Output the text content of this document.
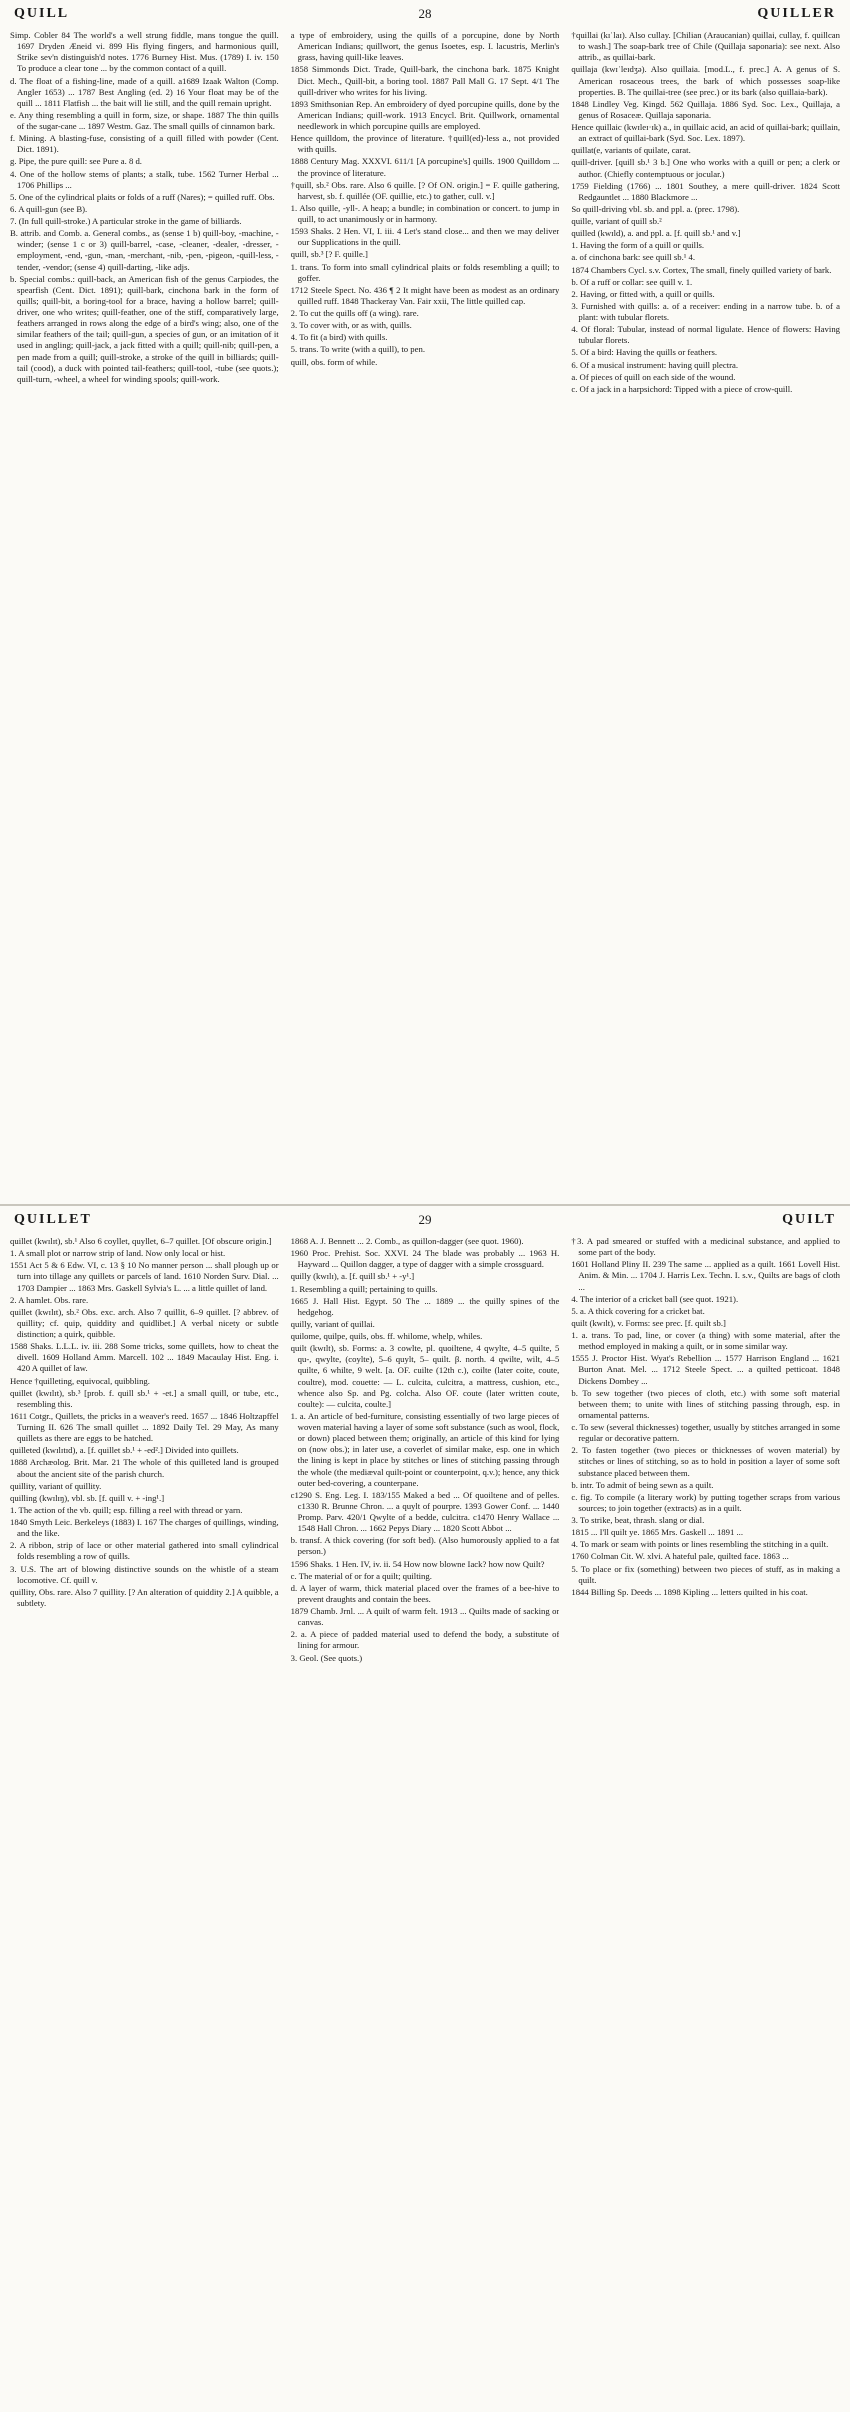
QUILL	28	QUILLER

Simp. Cobler 84 The world's a well strung fiddle, mans tongue the quill. 1697 Dryden Æneid vi. 899 His flying fingers, and harmonious quill, Strike sev'n distinguish'd notes. 1776 Burney Hist. Mus. (1789) I. iv. 150 To produce a clear tone ... by the common contact of a quill.

d. The float of a fishing-line, made of a quill. a1689 Izaak Walton (Comp. Angler 1653) ... 1787 Best Angling (ed. 2) 16 Your float may be of the quill ... 1811 Flatfish ... the bait will lie still, and the quill remain upright.

e. Any thing resembling a quill in form, size, or shape. 1887 The thin quills of the sugar-cane ... 1897 Westm. Gaz. The small quills of cinnamon bark.

f. Mining. A blasting-fuse, consisting of a quill filled with powder (Cent. Dict. 1891).

g. Pipe, the pure quill: see Pure a. 8 d.

4. One of the hollow stems of plants; a stalk, tube. 1562 Turner Herbal ... 1706 Phillips ...

5. One of the cylindrical plaits or folds of a ruff (Nares); = quilled ruff. Obs.

6. A quill-gun (see B).

7. (In full quill-stroke.) A particular stroke in the game of billiards.

B. attrib. and Comb. a. General combs., as (sense 1 b) quill-boy, -machine, -winder; (sense 1 c or 3) quill-barrel, -case, -cleaner, -dealer, -dresser, -employment, -end, -gun, -man, -merchant, -nib, -pen, -pigeon, -quill-less, -tender, -vendor; (sense 4) quill-darting, -like adjs.

b. Special combs.: quill-back, an American fish of the genus Carpiodes, the spearfish (Cent. Dict. 1891); quill-bark, cinchona bark in the form of quills; quill-bit, a boring-tool for a brace, having a hollow barrel; quill-driver, one who writes; quill-feather, one of the stiff, comparatively large, feathers arranged in rows along the edge of a bird's wing; also, one of the similar feathers of the tail; quill-gun, a species of gun, or an imitation of it used in angling; quill-jack, a jack fitted with a quill; quill-nib; quill-pen, a pen made from a quill; quill-stroke, a stroke of the quill in billiards; quill-tail (cood), a duck with pointed tail-feathers; quill-tool, -tube (see quots.); quill-turn, -wheel, a wheel for winding spools; quill-work.

a type of embroidery, using the quills of a porcupine, done by North American Indians; quillwort, the genus Isoetes, esp. I. lacustris, Merlin's grass, having quill-like leaves.

1858 Simmonds Dict. Trade, Quill-bark, the cinchona bark. 1875 Knight Dict. Mech., Quill-bit, a boring tool. 1887 Pall Mall G. 17 Sept. 4/1 The quill-driver who writes for his living.

1893 Smithsonian Rep. An embroidery of dyed porcupine quills, done by the American Indians; quill-work. 1913 Encycl. Brit. Quillwork, ornamental needlework in which porcupine quills are employed.

Hence quilldom, the province of literature. †quill(ed)-less a., not provided with quills.

1888 Century Mag. XXXVI. 611/1 [A porcupine's] quills. 1900 Quilldom ... the province of literature.

†quill, sb.² Obs. rare. Also 6 quille. [? Of ON. origin.] = F. quille gathering, harvest, sb. f. quillée (OF. quillie, etc.) to gather, cull. v.]

1. Also quille, -yll-. A heap; a bundle; in combination or concert. to jump in quill, to act unanimously or in harmony.

1593 Shaks. 2 Hen. VI, I. iii. 4 Let's stand close... and then we may deliver our Supplications in the quill.

quill, sb.³ [? F. quille.]

1. trans. To form into small cylindrical plaits or folds resembling a quill; to goffer.

1712 Steele Spect. No. 436 ¶ 2 It might have been as modest as an ordinary quilled ruff. 1848 Thackeray Van. Fair xxii, The little quilled cap.

2. To cut the quills off (a wing). rare.

3. To cover with, or as with, quills.

4. To fit (a bird) with quills.

5. trans. To write (with a quill), to pen.

quill, obs. form of while.

†quillai (kɪˈlaɪ). Also cullay. [Chilian (Araucanian) quillai, cullay, f. quillcan to wash.] The soap-bark tree of Chile (Quillaja saponaria): see next. Also attrib., as quillai-bark.

quillaja (kwɪˈleɪdʒə). Also quillaia. [mod.L., f. prec.] A. A genus of S. American rosaceous trees, the bark of which possesses soap-like properties. B. The quillai-tree (see prec.) or its bark (also quillaia-bark).

1848 Lindley Veg. Kingd. 562 Quillaja. 1886 Syd. Soc. Lex., Quillaja, a genus of Rosaceæ. Quillaja saponaria.

Hence quillaic (kwɪleɪ·ɪk) a., in quillaic acid, an acid of quillai-bark; quillain, an extract of quillai-bark (Syd. Soc. Lex. 1897).

quillat(e, variants of quilate, carat.

quill-driver. [quill sb.¹ 3 b.] One who works with a quill or pen; a clerk or author. (Chiefly contemptuous or jocular.)

1759 Fielding (1766) ... 1801 Southey, a mere quill-driver. 1824 Scott Redgauntlet ... 1880 Blackmore ...

So quill-driving vbl. sb. and ppl. a. (prec. 1798).

quille, variant of quill sb.²

quilled (kwɪld), a. and ppl. a. [f. quill sb.¹ and v.]

1. Having the form of a quill or quills.

a. of cinchona bark: see quill sb.¹ 4.

1874 Chambers Cycl. s.v. Cortex, The small, finely quilled variety of bark.

b. Of a ruff or collar: see quill v. 1.

2. Having, or fitted with, a quill or quills.

3. Furnished with quills: a. of a receiver: ending in a narrow tube. b. of a plant: with tubular florets.

4. Of floral: Tubular, instead of normal ligulate. Hence of flowers: Having tubular florets.

5. Of a bird: Having the quills or feathers.

6. Of a musical instrument: having quill plectra.

a. Of pieces of quill on each side of the wound.

c. Of a jack in a harpsichord: Tipped with a piece of crow-quill.

QUILLET	29	QUILT

quillet (kwɪlɪt), sb.¹ Also 6 coyllet, quyllet, 6–7 quillet. [Of obscure origin.]

1. A small plot or narrow strip of land. Now only local or hist.

1551 Act 5 & 6 Edw. VI, c. 13 § 10 No manner person ... shall plough up or turn into tillage any quillets or parcels of land. 1610 Norden Surv. Dial. ... 1703 Dampier ... 1863 Mrs. Gaskell Sylvia's L. ... a little quillet of land.

2. A hamlet. Obs. rare.

quillet (kwɪlɪt), sb.² Obs. exc. arch. Also 7 quillit, 6–9 quillet. [? abbrev. of quillity; cf. quip, quiddity and quidlibet.] A verbal nicety or subtle distinction; a quirk, quibble.

1588 Shaks. L.L.L. iv. iii. 288 Some tricks, some quillets, how to cheat the divell. 1609 Holland Amm. Marcell. 102 ... 1849 Macaulay Hist. Eng. i. 420 A quillet of law.

Hence †quilleting, equivocal, quibbling.

quillet (kwɪlɪt), sb.³ [prob. f. quill sb.¹ + -et.] a small quill, or tube, etc., resembling this.

1611 Cotgr., Quillets, the pricks in a weaver's reed. 1657 ... 1846 Holtzapffel Turning II. 626 The small quillet ... 1892 Daily Tel. 29 May, As many quillets as there are eggs to be hatched.

quilleted (kwɪlɪtɪd), a. [f. quillet sb.¹ + -ed².] Divided into quillets.

1888 Archæolog. Brit. Mar. 21 The whole of this quilleted land is grouped about the ancient site of the parish church.

quillity, variant of quillity.

quilling (kwɪlɪŋ), vbl. sb. [f. quill v. + -ing¹.]

1. The action of the vb. quill; esp. filling a reel with thread or yarn.

1840 Smyth Leic. Berkeleys (1883) I. 167 The charges of quillings, winding, and the like.

2. A ribbon, strip of lace or other material gathered into small cylindrical folds resembling a row of quills.

3. U.S. The art of blowing distinctive sounds on the whistle of a steam locomotive. Cf. quill v.

quillity, Obs. rare. Also 7 quillity. [? An alteration of quiddity 2.] A quibble, a subtlety.

1868 A. J. Bennett ... 2. Comb., as quillon-dagger (see quot. 1960).

1960 Proc. Prehist. Soc. XXVI. 24 The blade was probably ... 1963 H. Hayward ... Quillon dagger, a type of dagger with a simple crossguard.

quilly (kwɪlɪ), a. [f. quill sb.¹ + -y¹.]

1. Resembling a quill; pertaining to quills.

1665 J. Hall Hist. Egypt. 50 The ... 1889 ... the quilly spines of the hedgehog.

quilly, variant of quillai.

quilome, quilpe, quils, obs. ff. whilome, whelp, whiles.

quilt (kwɪlt), sb. Forms: a. 3 cowlte, pl. quoiltene, 4 qwylte, 4–5 quilte, 5 qu-, qwylte, (coylte), 5–6 quylt, 5– quilt. β. north. 4 qwilte, wilt, 4–5 quilte, 6 whilte, 9 welt. [a. OF. cuilte (12th c.), coilte (later coite, coute, coultre), mod. couette: — L. culcita, culcitra, a mattress, cushion, etc., whence also Sp. and Pg. colcha. Also OF. coute (later written coute, coulte): — culcita, coulte.]

1. a. An article of bed-furniture, consisting essentially of two large pieces of woven material having a layer of some soft substance (such as wool, flock, or down) placed between them; originally, an article of this kind for lying on (now obs.); in later use, a coverlet of similar make, esp. one in which the lining is kept in place by stitches or lines of stitching passing through the whole (the mediæval quilt-point or counterpoint, q.v.); hence, any thick outer bed-covering, a counterpane.

c1290 S. Eng. Leg. I. 183/155 Maked a bed ... Of quoiltene and of pelles. c1330 R. Brunne Chron. ... a quylt of pourpre. 1393 Gower Conf. ... 1440 Promp. Parv. 420/1 Qwylte of a bedde, culcitra. c1470 Henry Wallace ... 1548 Hall Chron. ... 1662 Pepys Diary ... 1820 Scott Abbot ...

b. transf. A thick covering (for soft bed). (Also humorously applied to a fat person.)

1596 Shaks. 1 Hen. IV, iv. ii. 54 How now blowne Iack? how now Quilt?

c. The material of or for a quilt; quilting.

d. A layer of warm, thick material placed over the frames of a bee-hive to prevent draughts and contain the bees.

1879 Chamb. Jrnl. ... A quilt of warm felt. 1913 ... Quilts made of sacking or canvas.

2. a. A piece of padded material used to defend the body, a substitute of lining for armour.

3. Geol. (See quots.)

†3. A pad smeared or stuffed with a medicinal substance, and applied to some part of the body.

1601 Holland Pliny II. 239 The same ... applied as a quilt. 1661 Lovell Hist. Anim. & Min. ... 1704 J. Harris Lex. Techn. I. s.v., Quilts are bags of cloth ...

4. The interior of a cricket ball (see quot. 1921).

5. a. A thick covering for a cricket bat.

quilt (kwɪlt), v. Forms: see prec. [f. quilt sb.]

1. a. trans. To pad, line, or cover (a thing) with some material, after the method employed in making a quilt, or in some similar way.

1555 J. Proctor Hist. Wyat's Rebellion ... 1577 Harrison England ... 1621 Burton Anat. Mel. ... 1712 Steele Spect. ... a quilted petticoat. 1848 Dickens Dombey ...

b. To sew together (two pieces of cloth, etc.) with some soft material between them; to unite with lines of stitching passing through, esp. in ornamental patterns.

c. To sew (several thicknesses) together, usually by stitches arranged in some regular or decorative pattern.

2. To fasten together (two pieces or thicknesses of woven material) by stitches or lines of stitching, so as to hold in position a layer of some soft substance placed between them.

b. intr. To admit of being sewn as a quilt.

c. fig. To compile (a literary work) by putting together scraps from various sources; to join together (extracts) as in a quilt.

3. To strike, beat, thrash. slang or dial.

1815 ... I'll quilt ye. 1865 Mrs. Gaskell ... 1891 ...

4. To mark or seam with points or lines resembling the stitching in a quilt.

1760 Colman Cit. W. xlvi. A hateful pale, quilted face. 1863 ...

5. To place or fix (something) between two pieces of stuff, as in making a quilt.

1844 Billing Sp. Deeds ... 1898 Kipling ... letters quilted in his coat.
